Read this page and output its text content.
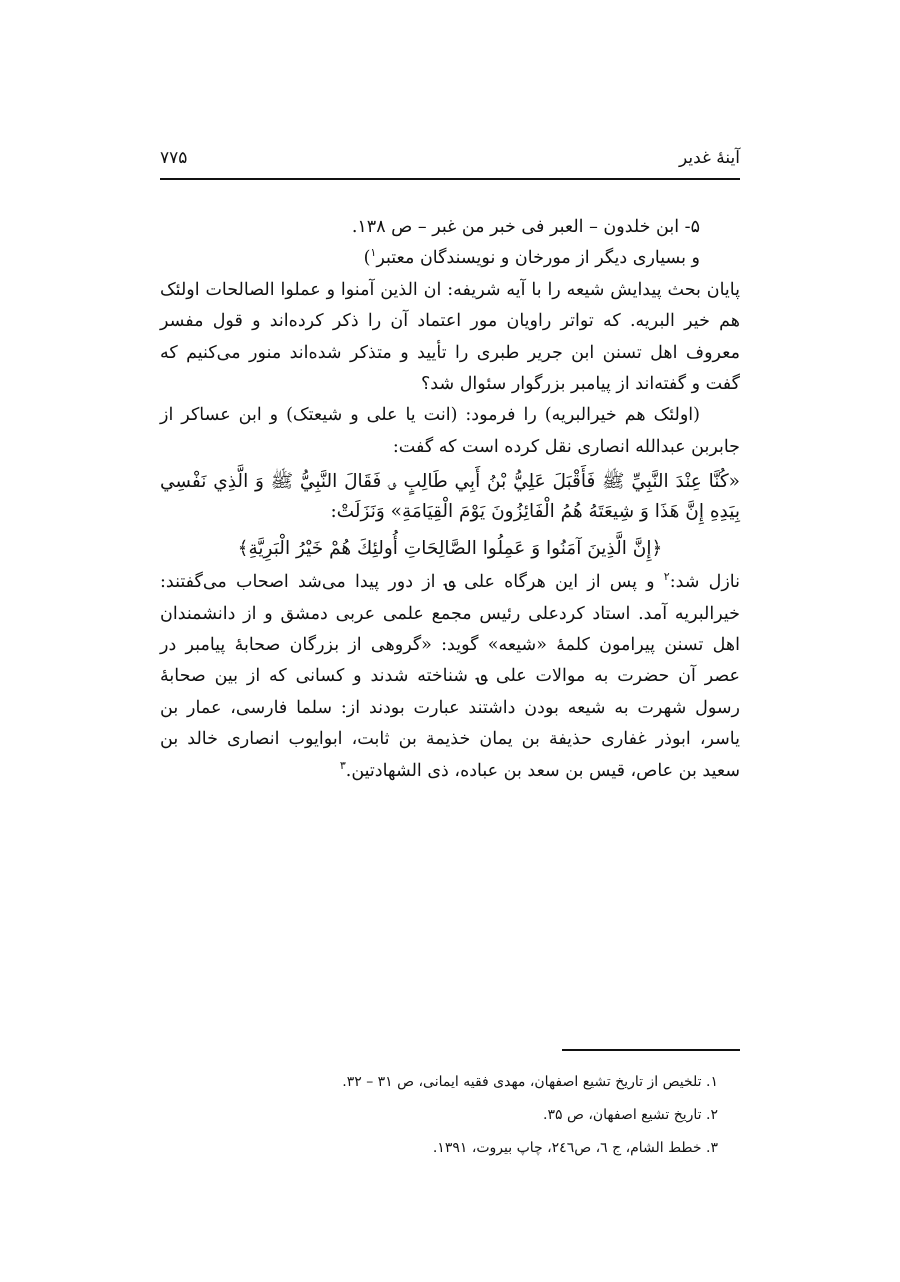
آینهٔ غدیر
۷۷۵

۵- ابن خلدون – العبر فی خبر من غبر – ص ۱۳۸.

و بسیاری دیگر از مورخان و نویسندگان معتبر$^۱$)

پایان بحث پیدایش شیعه را با آیه شریفه: ان الذین آمنوا و عملوا الصالحات اولئک هم خیر البریه. که تواتر راویان مور اعتماد آن را ذکر کرده‌اند و قول مفسر معروف اهل تسنن ابن جریر طبری را تأیید و متذکر شده‌اند منور می‌کنیم که گفت و گفته‌اند از پیامبر بزرگوار سئوال شد؟

(اولئک هم خیرالبریه) را فرمود: (انت یا علی و شیعتک) و ابن عساکر از جابربن عبدالله انصاری نقل کرده است که گفت:

«كُنَّا عِنْدَ النَّبِيِّ ﷺ فَأَقْبَلَ عَلِيُّ بْنُ أَبِي طَالِبٍ ؈ فَقَالَ النَّبِيُّ ﷺ وَ الَّذِي نَفْسِي بِيَدِهِ إِنَّ هَذَا وَ شِيعَتَهُ هُمُ الْفَائِزُونَ يَوْمَ الْقِيَامَةِ» وَنَزَلَتْ:

﴿إِنَّ الَّذِينَ آمَنُوا وَ عَمِلُوا الصَّالِحَاتِ أُولئِكَ هُمْ خَيْرُ الْبَرِيَّةِ﴾

نازل شد:$^۲$ و پس از این هرگاه علی ؈ از دور پیدا می‌شد اصحاب می‌گفتند: خیرالبریه آمد. استاد کردعلی رئیس مجمع علمی عربی دمشق و از دانشمندان اهل تسنن پیرامون کلمهٔ «شیعه» گوید: «گروهی از بزرگان صحابهٔ پیامبر در عصر آن حضرت به موالات علی ؈ شناخته شدند و کسانی که از بین صحابهٔ رسول شهرت به شیعه بودن داشتند عبارت بودند از: سلما فارسی، عمار بن یاسر، ابوذر غفاری حذیفة بن یمان خذیمة بن ثابت، ابوایوب انصاری خالد بن سعید بن عاص، قیس بن سعد بن عباده، ذی الشهادتین.$^۳$

۱. تلخیص از تاریخ تشیع اصفهان، مهدی فقیه ایمانی، ص ۳۱ – ۳۲.
۲. تاریخ تشیع اصفهان، ص ۳۵.
۳. خطط الشام، ج ٦، ص٢٤٦، چاپ بیروت، ۱۳۹۱.
